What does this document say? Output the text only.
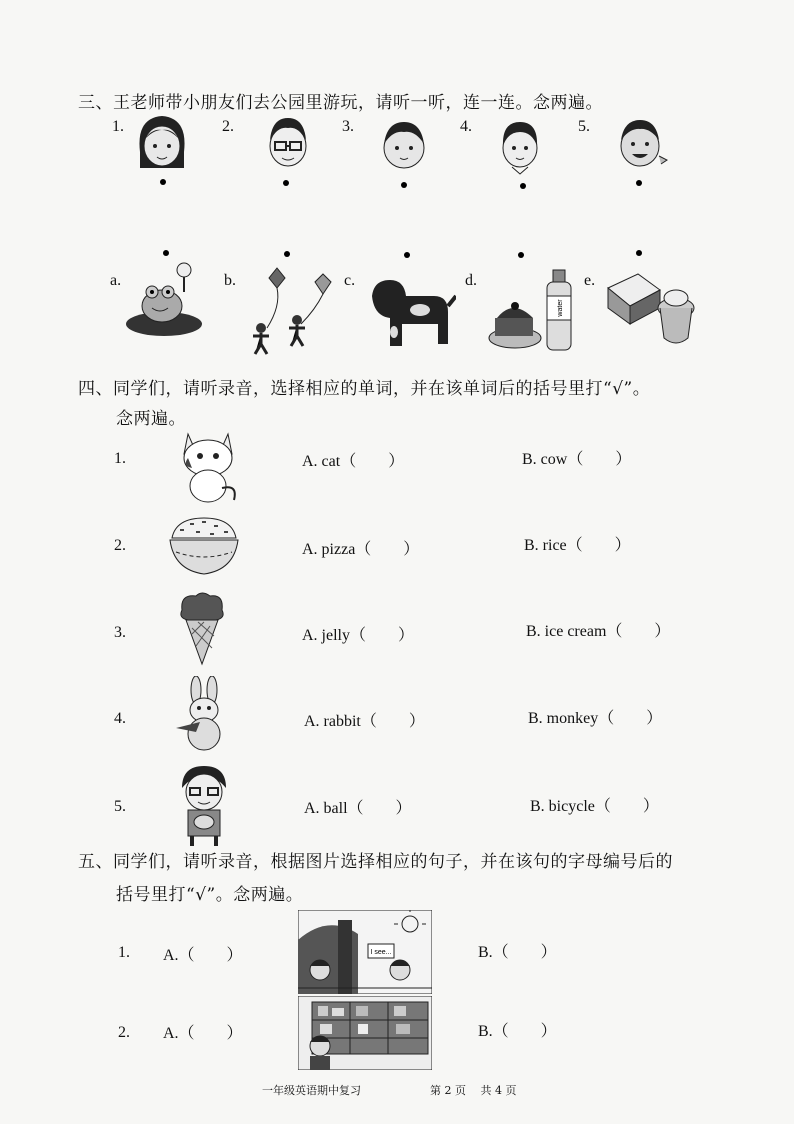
三、王老师带小朋友们去公园里游玩，请听一听，连一连。念两遍。
1.	2.	3.	4.	5.
a.	b.	c.	d.	e.
water
四、同学们，请听录音，选择相应的单词，并在该单词后的括号里打“√”。
念两遍。
1.	A. cat（　　）	B. cow（　　）
2.	A. pizza（　　）	B. rice（　　）
3.	A. jelly（　　）	B. ice cream（　　）
4.	A. rabbit（　　）	B. monkey（　　）
5.	A. ball（　　）	B. bicycle（　　）
五、同学们，请听录音，根据图片选择相应的句子，并在该句的字母编号后的
括号里打“√”。念两遍。
1. A.（　　）	I see...	B.（　　）
2. A.（　　）	B.（　　）
一年级英语期中复习	第 2 页　 共 4 页
